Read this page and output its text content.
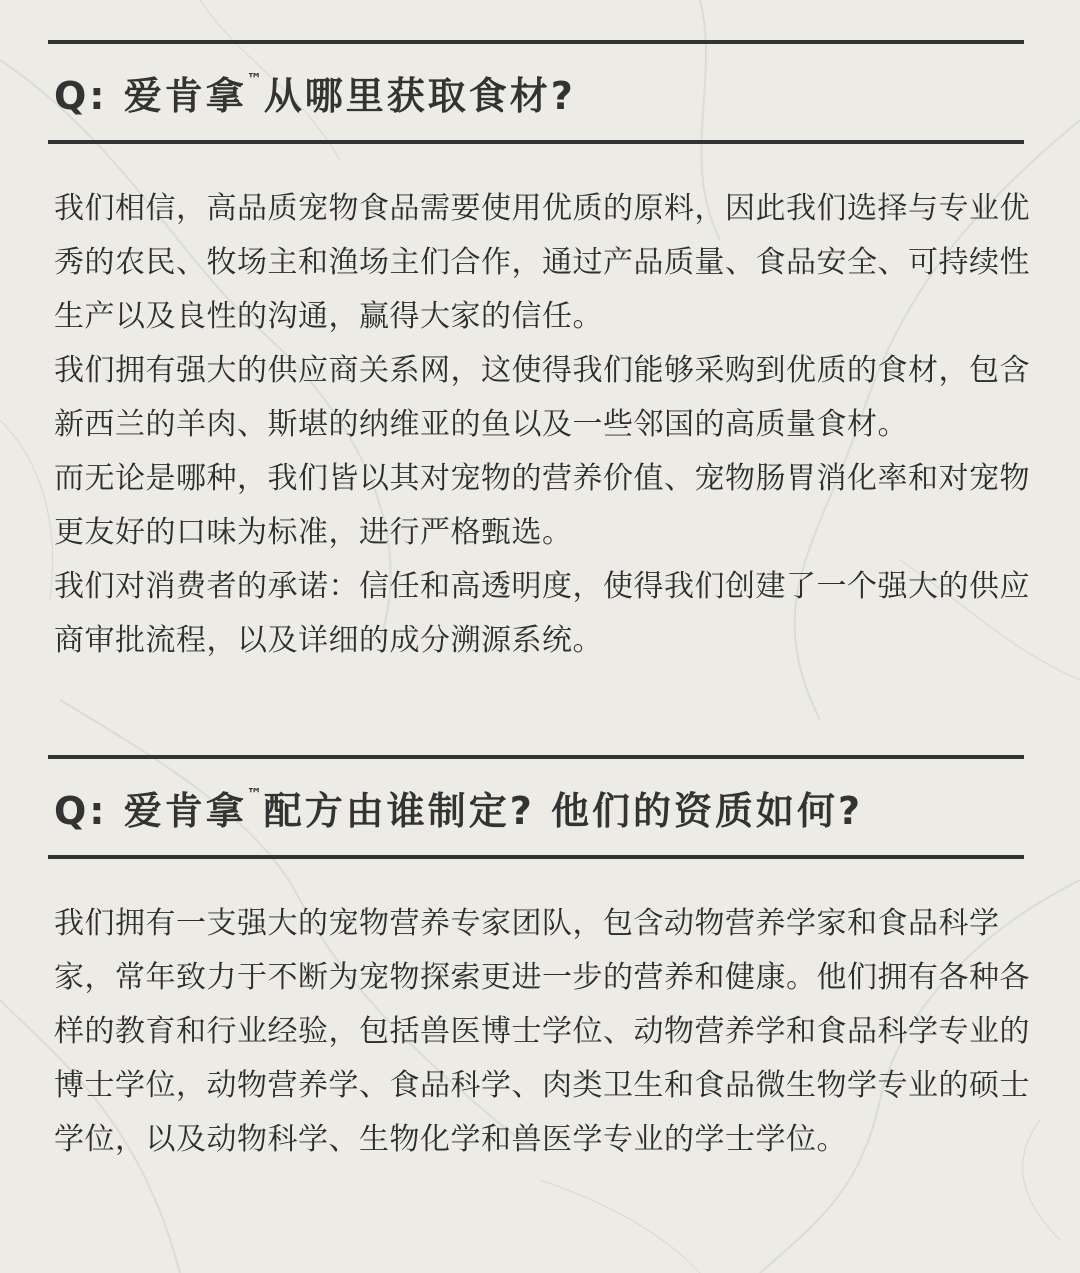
Q: 爱肯拿 ™ 从哪里获取食材?

我们相信，高品质宠物食品需要使用优质的原料，因此我们选择与专业优秀的农民、牧场主和渔场主们合作，通过产品质量、食品安全、可持续性生产以及良性的沟通，赢得大家的信任。

我们拥有强大的供应商关系网，这使得我们能够采购到优质的食材，包含新西兰的羊肉、斯堪的纳维亚的鱼以及一些邻国的高质量食材。

而无论是哪种，我们皆以其对宠物的营养价值、宠物肠胃消化率和对宠物更友好的口味为标准，进行严格甄选。

我们对消费者的承诺：信任和高透明度，使得我们创建了一个强大的供应商审批流程，以及详细的成分溯源系统。

Q: 爱肯拿 ™ 配方由谁制定? 他们的资质如何?

我们拥有一支强大的宠物营养专家团队，包含动物营养学家和食品科学家，常年致力于不断为宠物探索更进一步的营养和健康。他们拥有各种各样的教育和行业经验，包括兽医博士学位、动物营养学和食品科学专业的博士学位，动物营养学、食品科学、肉类卫生和食品微生物学专业的硕士学位，以及动物科学、生物化学和兽医学专业的学士学位。
